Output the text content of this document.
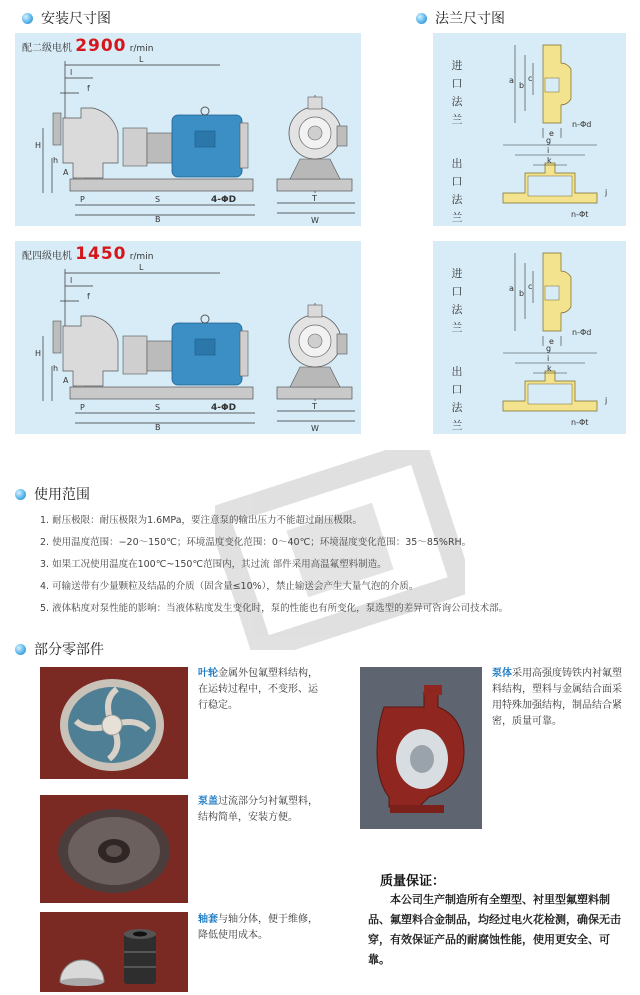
安装尺寸图	法兰尺寸图
配二级电机 2900 r/min
L
l
f
H
h
A
P	S
B
4-ΦD	T
W
配四级电机 1450 r/min
L
l
f
H
h
A
P	S
B
4-ΦD	T
W
进口法兰
出口法兰
a
b
c
e
n-Φd
g
i
k
j
n-Φt
进口法兰
出口法兰
a
b
c
e
n-Φd
g
i
k
j
n-Φt
使用范围
1. 耐压极限：耐压极限为1.6MPa，要注意泵的输出压力不能超过耐压极限。
2. 使用温度范围：−20～150℃；环境温度变化范围：0～40℃；环境湿度变化范围：35～85%RH。
3. 如果工况使用温度在100℃~150℃范围内，其过流 部件采用高温氟塑料制造。
4. 可输送带有少量颗粒及结晶的介质（固含量≤10%），禁止输送会产生大量气泡的介质。
5. 液体粘度对泵性能的影响：当液体粘度发生变化时，泵的性能也有所变化，泵选型的差异可咨询公司技术部。
部分零部件
叶轮金属外包氟塑料结构，在运转过程中，不变形、运行稳定。
泵盖过流部分匀衬氟塑料，结构简单，安装方便。
轴套与轴分体，便于维修，降低使用成本。
泵体采用高强度铸铁内衬氟塑料结构，塑料与金属结合面采用特殊加强结构，制品结合紧密，质量可靠。
质量保证：
本公司生产制造所有全塑型、衬里型氟塑料制品、氟塑料合金制品，均经过电火花检测，确保无击穿，有效保证产品的耐腐蚀性能，使用更安全、可靠。
